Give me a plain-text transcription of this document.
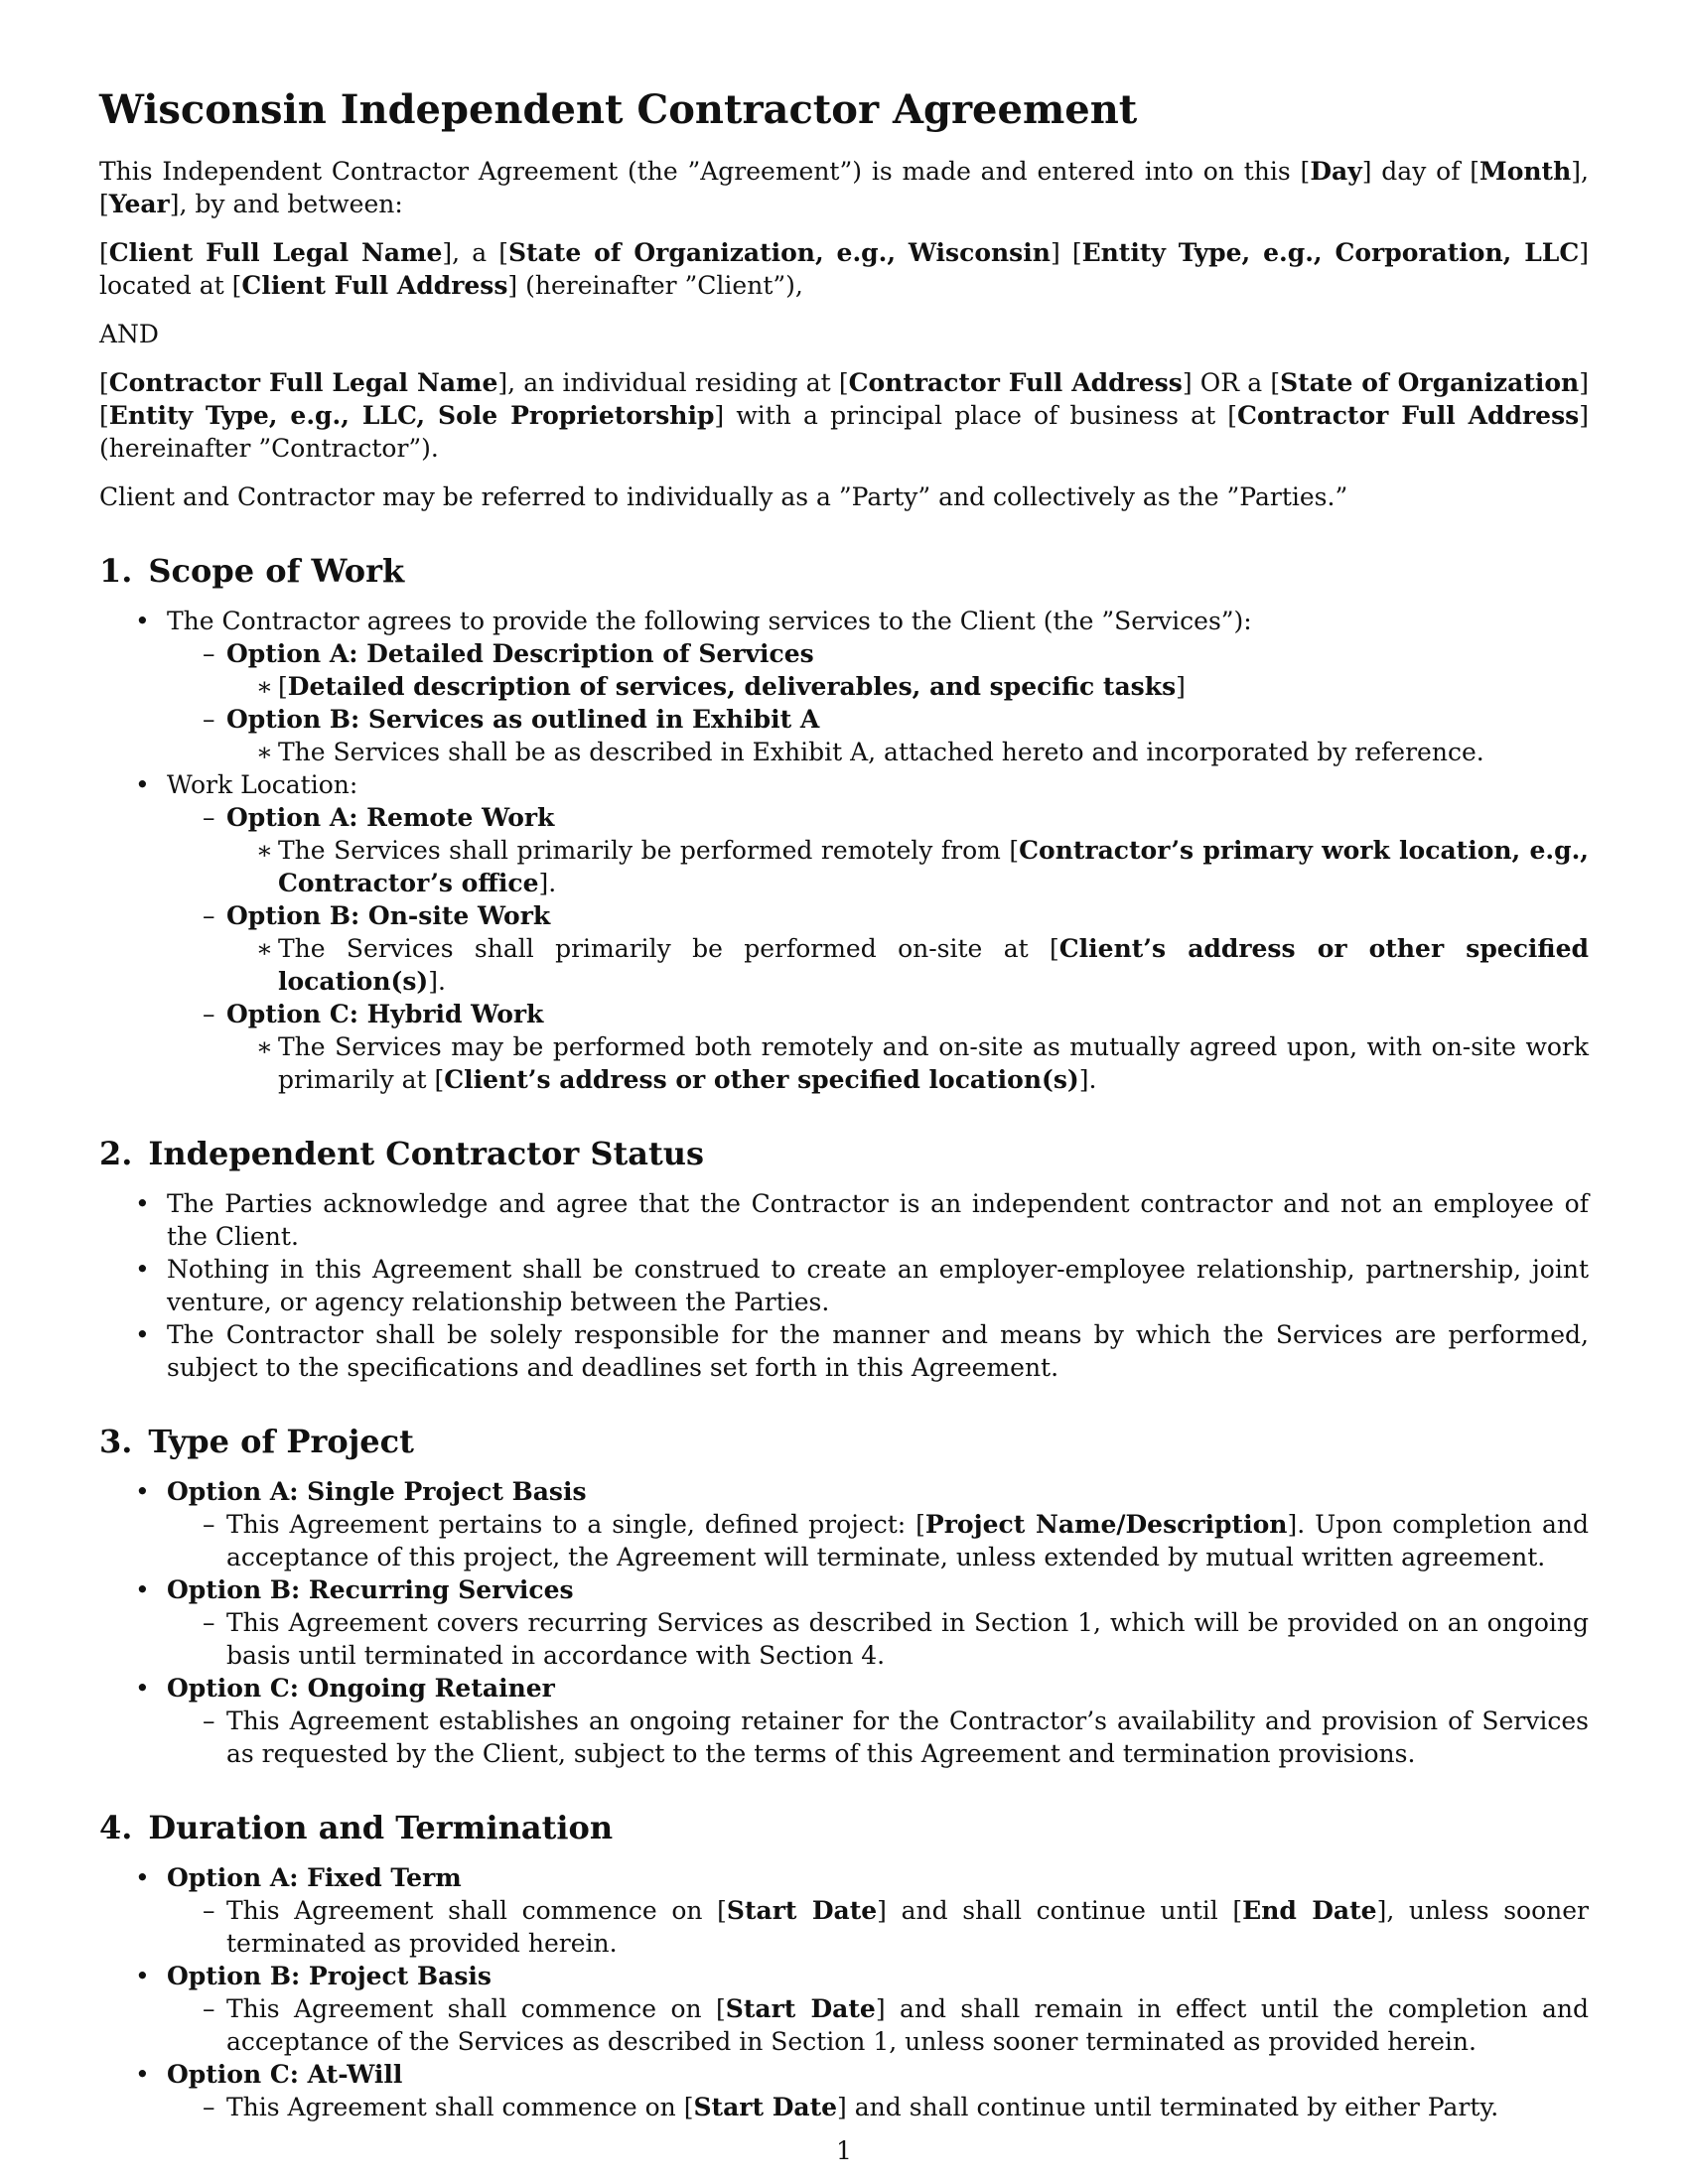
Wisconsin Independent Contractor Agreement

This Independent Contractor Agreement (the ”Agreement”) is made and entered into on this [Day] day of [Month], [Year], by and between:

[Client Full Legal Name], a [State of Organization, e.g., Wisconsin] [Entity Type, e.g., Corporation, LLC] located at [Client Full Address] (hereinafter ”Client”),

AND

[Contractor Full Legal Name], an individual residing at [Contractor Full Address] OR a [State of Organization] [Entity Type, e.g., LLC, Sole Proprietorship] with a principal place of business at [Contractor Full Address] (hereinafter ”Contractor”).

Client and Contractor may be referred to individually as a ”Party” and collectively as the ”Parties.”

1. Scope of Work
• The Contractor agrees to provide the following services to the Client (the ”Services”):
– Option A: Detailed Description of Services
∗ [Detailed description of services, deliverables, and specific tasks]
– Option B: Services as outlined in Exhibit A
∗ The Services shall be as described in Exhibit A, attached hereto and incorporated by reference.
• Work Location:
– Option A: Remote Work
∗ The Services shall primarily be performed remotely from [Contractor’s primary work location, e.g., Contractor’s office].
– Option B: On-site Work
∗ The Services shall primarily be performed on-site at [Client’s address or other specified location(s)].
– Option C: Hybrid Work
∗ The Services may be performed both remotely and on-site as mutually agreed upon, with on-site work primarily at [Client’s address or other specified location(s)].
2. Independent Contractor Status
• The Parties acknowledge and agree that the Contractor is an independent contractor and not an employee of the Client.
• Nothing in this Agreement shall be construed to create an employer-employee relationship, partnership, joint venture, or agency relationship between the Parties.
• The Contractor shall be solely responsible for the manner and means by which the Services are performed, subject to the specifications and deadlines set forth in this Agreement.
3. Type of Project
• Option A: Single Project Basis
– This Agreement pertains to a single, defined project: [Project Name/Description]. Upon completion and acceptance of this project, the Agreement will terminate, unless extended by mutual written agreement.
• Option B: Recurring Services
– This Agreement covers recurring Services as described in Section 1, which will be provided on an ongoing basis until terminated in accordance with Section 4.
• Option C: Ongoing Retainer
– This Agreement establishes an ongoing retainer for the Contractor’s availability and provision of Services as requested by the Client, subject to the terms of this Agreement and termination provisions.
4. Duration and Termination
• Option A: Fixed Term
– This Agreement shall commence on [Start Date] and shall continue until [End Date], unless sooner terminated as provided herein.
• Option B: Project Basis
– This Agreement shall commence on [Start Date] and shall remain in effect until the completion and acceptance of the Services as described in Section 1, unless sooner terminated as provided herein.
• Option C: At-Will
– This Agreement shall commence on [Start Date] and shall continue until terminated by either Party.
1
